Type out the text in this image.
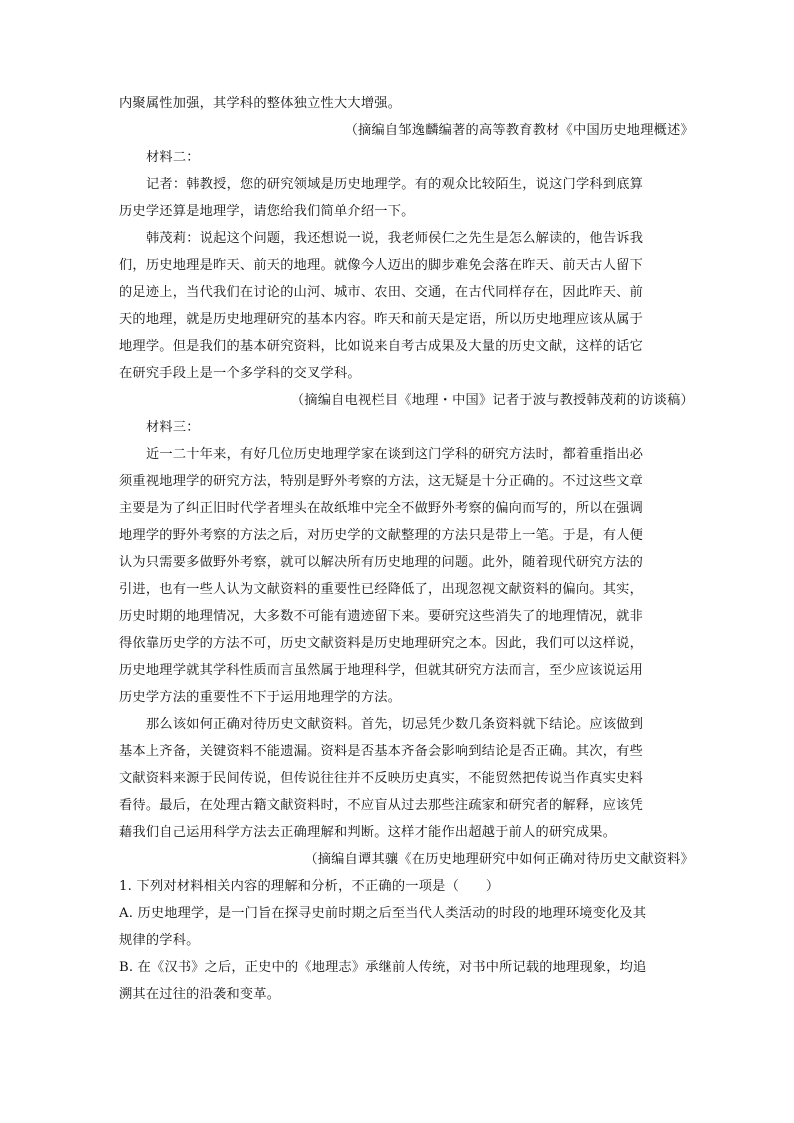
内聚属性加强，其学科的整体独立性大大增强。
（摘编自邹逸麟编著的高等教育教材《中国历史地理概述》
材料二：
记者：韩教授，您的研究领域是历史地理学。有的观众比较陌生，说这门学科到底算
历史学还算是地理学，请您给我们简单介绍一下。
韩茂莉：说起这个问题，我还想说一说，我老师侯仁之先生是怎么解读的，他告诉我
们，历史地理是昨天、前天的地理。就像今人迈出的脚步难免会落在昨天、前天古人留下
的足迹上，当代我们在讨论的山河、城市、农田、交通，在古代同样存在，因此昨天、前
天的地理，就是历史地理研究的基本内容。昨天和前天是定语，所以历史地理应该从属于
地理学。但是我们的基本研究资料，比如说来自考古成果及大量的历史文献，这样的话它
在研究手段上是一个多学科的交叉学科。
（摘编自电视栏目《地理・中国》记者于波与教授韩茂莉的访谈稿）
材料三：
近一二十年来，有好几位历史地理学家在谈到这门学科的研究方法时，都着重指出必
须重视地理学的研究方法，特别是野外考察的方法，这无疑是十分正确的。不过这些文章
主要是为了纠正旧时代学者埋头在故纸堆中完全不做野外考察的偏向而写的，所以在强调
地理学的野外考察的方法之后，对历史学的文献整理的方法只是带上一笔。于是，有人便
认为只需要多做野外考察，就可以解决所有历史地理的问题。此外，随着现代研究方法的
引进，也有一些人认为文献资料的重要性已经降低了，出现忽视文献资料的偏向。其实，
历史时期的地理情况，大多数不可能有遗迹留下来。要研究这些消失了的地理情况，就非
得依靠历史学的方法不可，历史文献资料是历史地理研究之本。因此，我们可以这样说，
历史地理学就其学科性质而言虽然属于地理科学，但就其研究方法而言，至少应该说运用
历史学方法的重要性不下于运用地理学的方法。
那么该如何正确对待历史文献资料。首先，切忌凭少数几条资料就下结论。应该做到
基本上齐备，关键资料不能遗漏。资料是否基本齐备会影响到结论是否正确。其次，有些
文献资料来源于民间传说，但传说往往并不反映历史真实，不能贸然把传说当作真实史料
看待。最后，在处理古籍文献资料时，不应盲从过去那些注疏家和研究者的解释，应该凭
藉我们自己运用科学方法去正确理解和判断。这样才能作出超越于前人的研究成果。
（摘编自谭其骧《在历史地理研究中如何正确对待历史文献资料》
1. 下列对材料相关内容的理解和分析，不正确的一项是（　　）
A. 历史地理学，是一门旨在探寻史前时期之后至当代人类活动的时段的地理环境变化及其
规律的学科。
B. 在《汉书》之后，正史中的《地理志》承继前人传统，对书中所记载的地理现象，均追
溯其在过往的沿袭和变革。
